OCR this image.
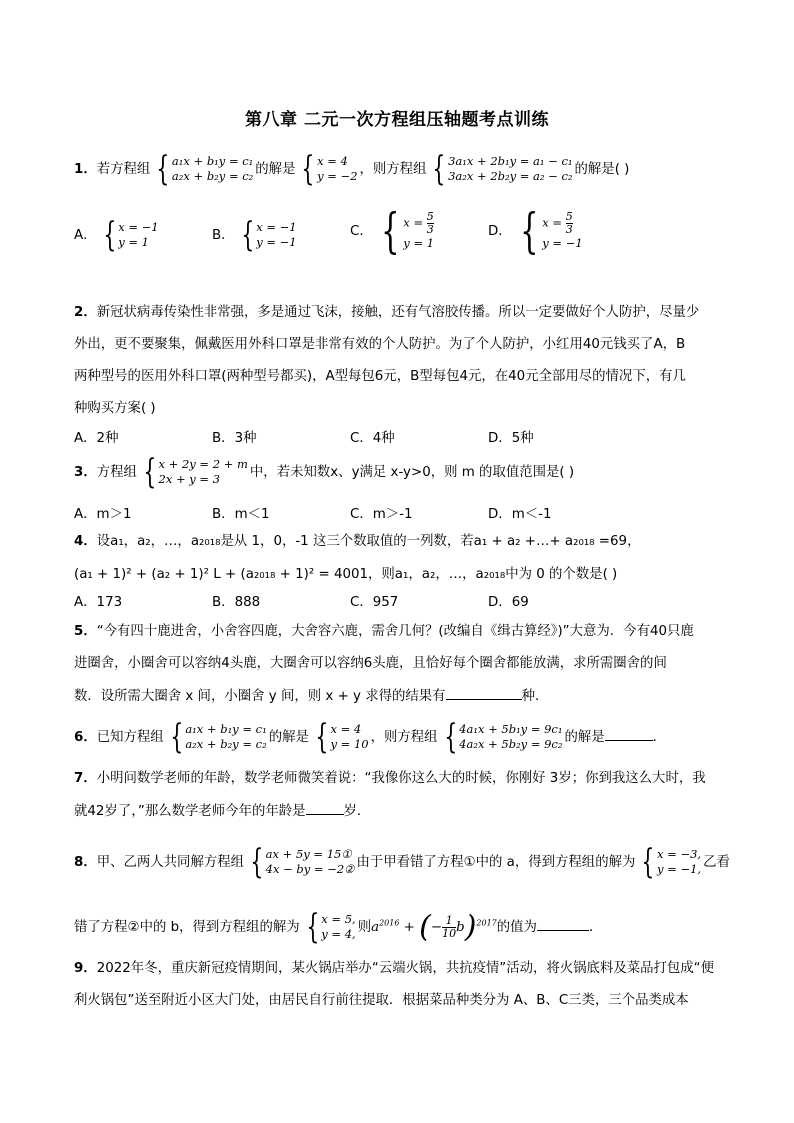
第八章 二元一次方程组压轴题考点训练
1．若方程组 { a₁x + b₁y = c₁
a₂x + b₂y = c₂ 的解是 { x = 4
y = −2 ，则方程组 { 3a₁x + 2b₁y = a₁ − c₁
3a₂x + 2b₂y = a₂ − c₂ 的解是( )
A． { x = −1
y = 1	B． { x = −1
y = −1
C． { $x = \frac{5}{3}$
y = 1
D． { $x = \frac{5}{3}$
y = −1
2．新冠状病毒传染性非常强，多是通过飞沫，接触，还有气溶胶传播。所以一定要做好个人防护，尽量少
外出，更不要聚集，佩戴医用外科口罩是非常有效的个人防护。为了个人防护，小红用40元钱买了A，B
两种型号的医用外科口罩(两种型号都买)，A型每包6元，B型每包4元，在40元全部用尽的情况下，有几
种购买方案( )
A．2种	B．3种	C．4种	D．5种
3．方程组 { x + 2y = 2 + m
2x + y = 3	中，若未知数x、y满足 x-y>0，则 m 的取值范围是( )
A．m＞1	B．m＜1	C．m＞-1	D．m＜-1
4．设a₁，a₂，…，a₂₀₁₈是从 1，0，-1 这三个数取值的一列数，若a₁ + a₂ +…+ a₂₀₁₈ =69，
(a₁ + 1)² + (a₂ + 1)² L + (a₂₀₁₈ + 1)² = 4001，则a₁，a₂，…，a₂₀₁₈中为 0 的个数是( )
A．173	B．888	C．957	D．69
5．“今有四十鹿进舍，小舍容四鹿，大舍容六鹿，需舍几何？(改编自《缉古算经》)”大意为．今有40只鹿
进圈舍，小圈舍可以容纳4头鹿，大圈舍可以容纳6头鹿，且恰好每个圈舍都能放满，求所需圈舍的间
数．设所需大圈舍 x 间，小圈舍 y 间，则 x + y 求得的结果有	种．
6．已知方程组 { a₁x + b₁y = c₁
a₂x + b₂y = c₂ 的解是 { x = 4
y = 10 ，则方程组 { 4a₁x + 5b₁y = 9c₁
4a₂x + 5b₂y = 9c₂ 的解是	．
7．小明问数学老师的年龄，数学老师微笑着说：“我像你这么大的时候，你刚好 3岁；你到我这么大时，我
就42岁了，”那么数学老师今年的年龄是	岁．
8．甲、乙两人共同解方程组 { ax + 5y = 15①
4x − by = −2② 由于甲看错了方程①中的 a，得到方程组的解为 { x = −3,
y = −1, 乙看
错了方程②中的 b，得到方程组的解为 { x = 5,
y = 4, 则$a^{2016}$ + (− $\frac{1}{10} b)^{2017}$的值为	．
9．2022年冬，重庆新冠疫情期间，某火锅店举办“云端火锅，共抗疫情”活动，将火锅底料及菜品打包成“便
利火锅包”送至附近小区大门处，由居民自行前往提取．根据菜品种类分为 A、B、C三类，三个品类成本
